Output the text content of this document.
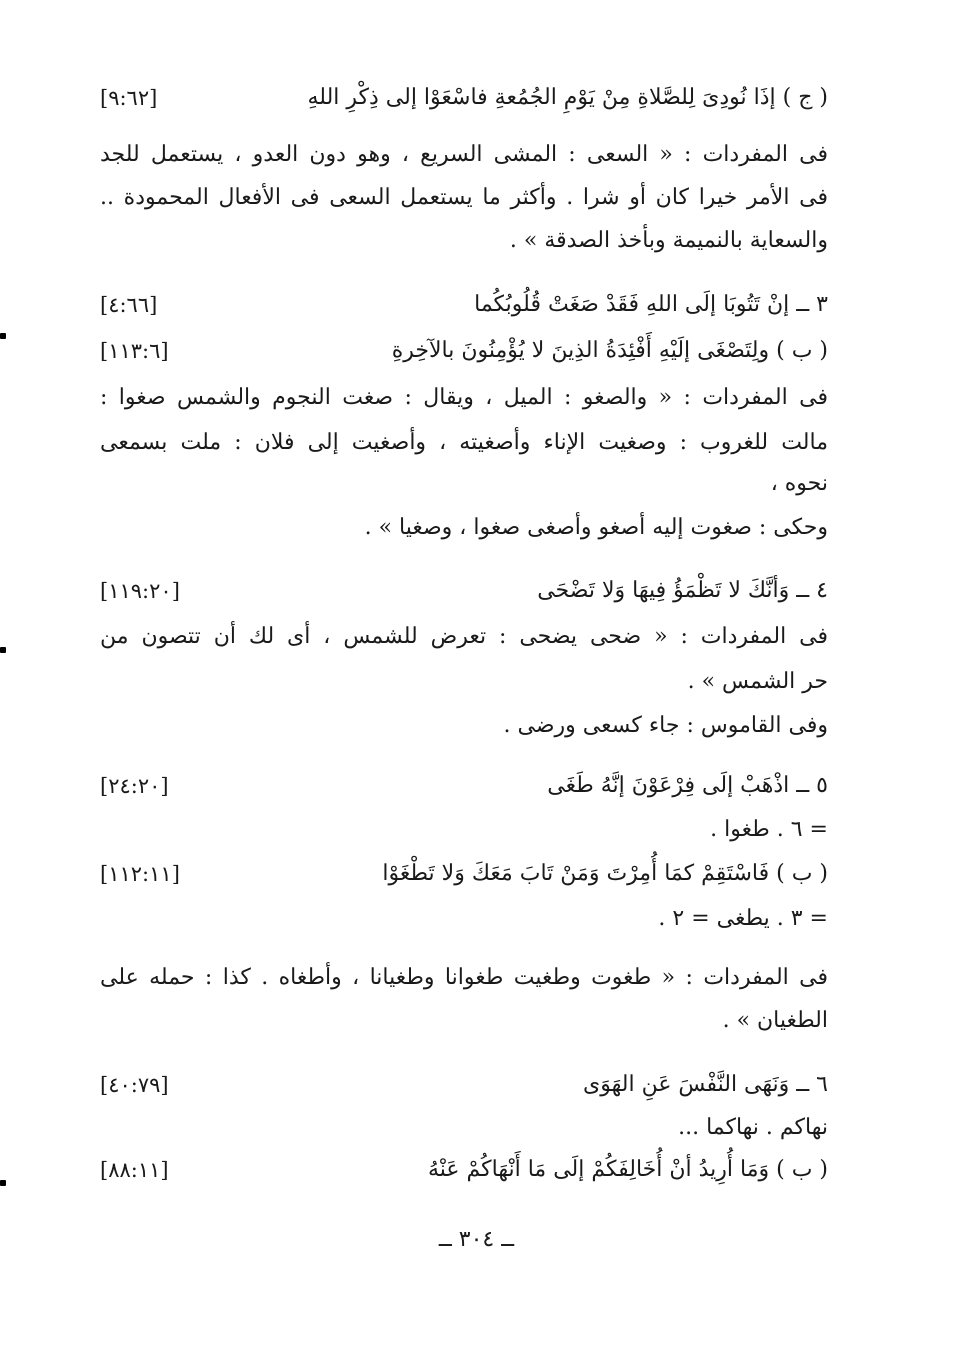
( ج ) إذَا نُودِىَ لِلصَّلاةِ مِنْ يَوْمِ الجُمُعةِ فاسْعَوْا إلى ذِكْرِ اللهِ
[٩:٦٢]
فى المفردات : « السعى : المشى السريع ، وهو دون العدو ، يستعمل للجد
فى الأمر خيرا كان أو شرا . وأكثر ما يستعمل السعى فى الأفعال المحمودة ..
والسعاية بالنميمة وبأخذ الصدقة » .
٣ ــ إنْ تَتُوبَا إلَى اللهِ فَقَدْ صَغَتْ قُلُوبُكُما
[٤:٦٦]
( ب ) ولِتَصْغَى إلَيْهِ أَفْئِدَةُ الذِينَ لا يُؤْمِنُونَ بالآخِرةِ
[١١٣:٦]
فى المفردات : « والصغو : الميل ، ويقال : صغت النجوم والشمس صغوا :
مالت للغروب : وصغيت الإناء وأصغيته ، وأصغيت إلى فلان : ملت بسمعى
نحوه ،
وحكى : صغوت إليه أصغو وأصغى صغوا ، وصغيا » .
٤ ــ وَأنَّكَ لا تَظْمَؤُ فِيهَا وَلا تَضْحَى
[١١٩:٢٠]
فى المفردات : « ضحى يضحى : تعرض للشمس ، أى لك أن تتصون من
حر الشمس » .
وفى القاموس : جاء كسعى ورضى .
٥ ــ اذْهَبْ إلَى فِرْعَوْنَ إنَّهُ طَغَى
[٢٤:٢٠]
= ٦ . طغوا .
( ب ) فَاسْتَقِمْ كمَا أُمِرْتَ وَمَنْ تَابَ مَعَكَ وَلا تَطْغَوْا
[١١٢:١١]
= ٣ . يطغى = ٢ .
فى المفردات : « طغوت وطغيت طغوانا وطغيانا ، وأطغاه . كذا : حمله على
الطغيان » .
٦ ــ وَنَهَى النَّفْسَ عَنِ الهَوَى
[٤٠:٧٩]
نهاكم . نهاكما ...
( ب ) وَمَا أُرِيدُ أنْ أُخَالِفَكُمْ إلَى مَا أَنْهَاكُمْ عَنْهُ
[٨٨:١١]
ــ ٣٠٤ ــ
